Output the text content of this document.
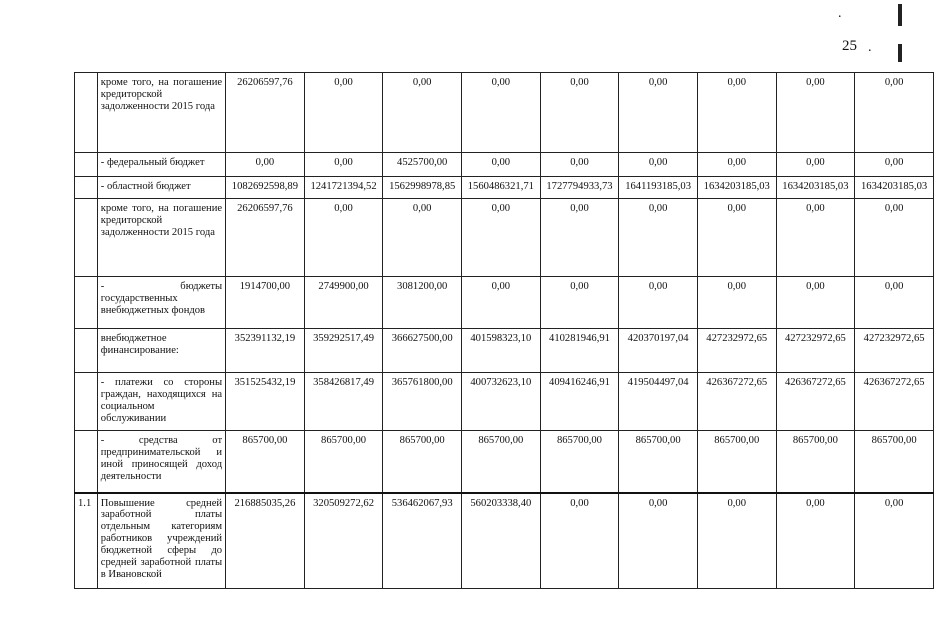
.
25 .
	кроме того, на погашение кредиторской задолженности 2015 года	26206597,76	0,00	0,00	0,00	0,00	0,00	0,00	0,00	0,00
	- федеральный бюджет	0,00	0,00	4525700,00	0,00	0,00	0,00	0,00	0,00	0,00
	- областной бюджет	1082692598,89	1241721394,52	1562998978,85	1560486321,71	1727794933,73	1641193185,03	1634203185,03	1634203185,03	1634203185,03
	кроме того, на погашение кредиторской задолженности 2015 года	26206597,76	0,00	0,00	0,00	0,00	0,00	0,00	0,00	0,00
	- бюджеты государственных внебюджетных фондов	1914700,00	2749900,00	3081200,00	0,00	0,00	0,00	0,00	0,00	0,00
	внебюджетное финансирование:	352391132,19	359292517,49	366627500,00	401598323,10	410281946,91	420370197,04	427232972,65	427232972,65	427232972,65
	- платежи со стороны граждан, находящихся на социальном обслуживании	351525432,19	358426817,49	365761800,00	400732623,10	409416246,91	419504497,04	426367272,65	426367272,65	426367272,65
	- средства от предпринимательской и иной приносящей доход деятельности	865700,00	865700,00	865700,00	865700,00	865700,00	865700,00	865700,00	865700,00	865700,00
1.1	Повышение средней заработной платы отдельным категориям работников учреждений бюджетной сферы до средней заработной платы в Ивановской	216885035,26	320509272,62	536462067,93	560203338,40	0,00	0,00	0,00	0,00	0,00
